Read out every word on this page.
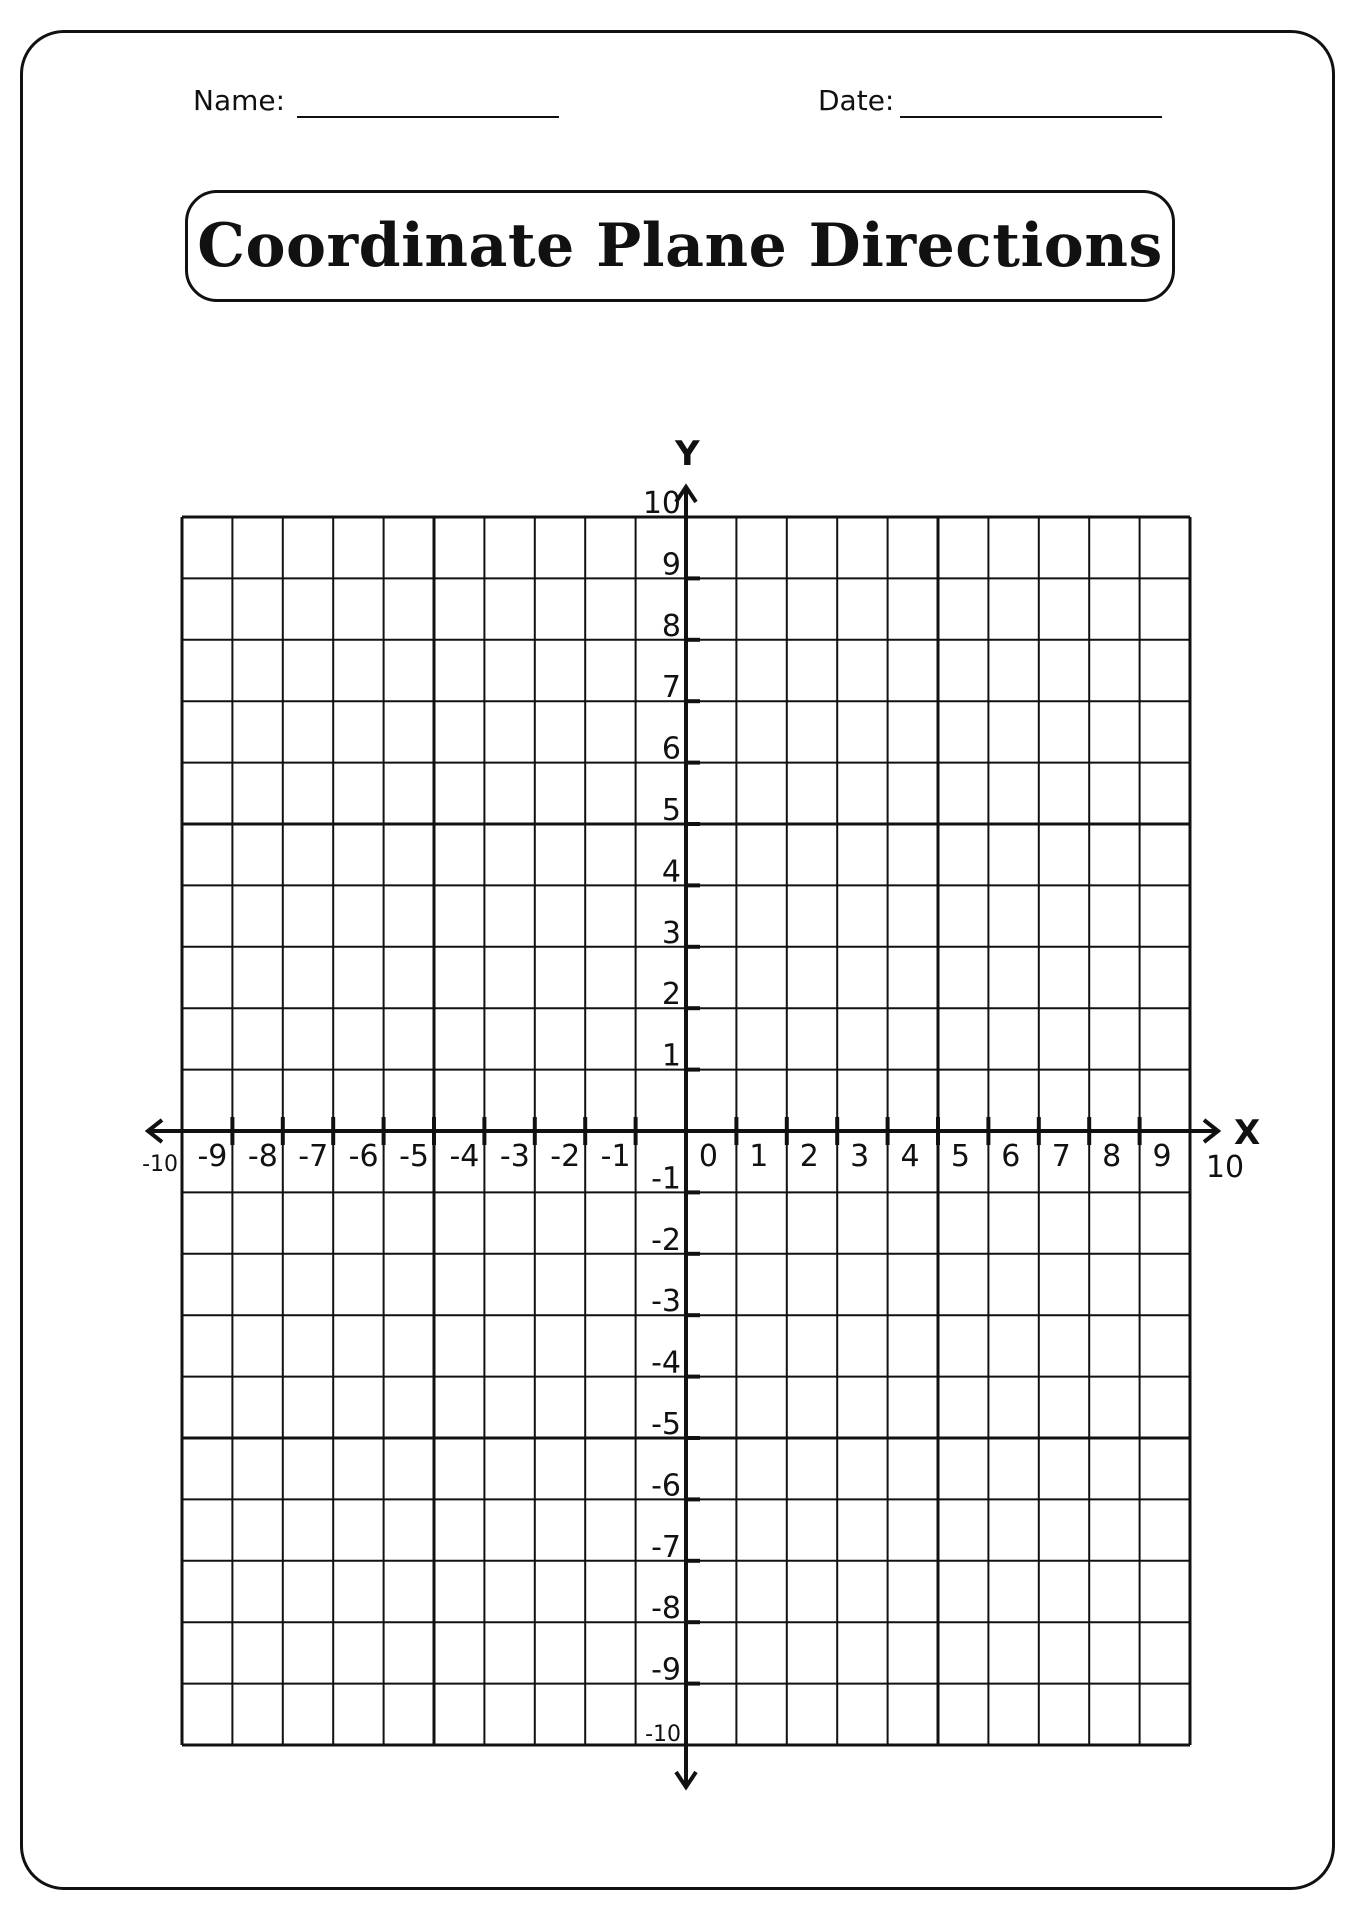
Name:	Date:
Coordinate Plane Directions
-10 -9 -8 -7 -6 -5 -4 -3 -2 -1 0 1 2 3 4 5 6 7 8 9 10
1
2
3
4
5
6
7
8
9
10
-1
-2
-3
-4
-5
-6
-7
-8
-9
-10
X
Y
